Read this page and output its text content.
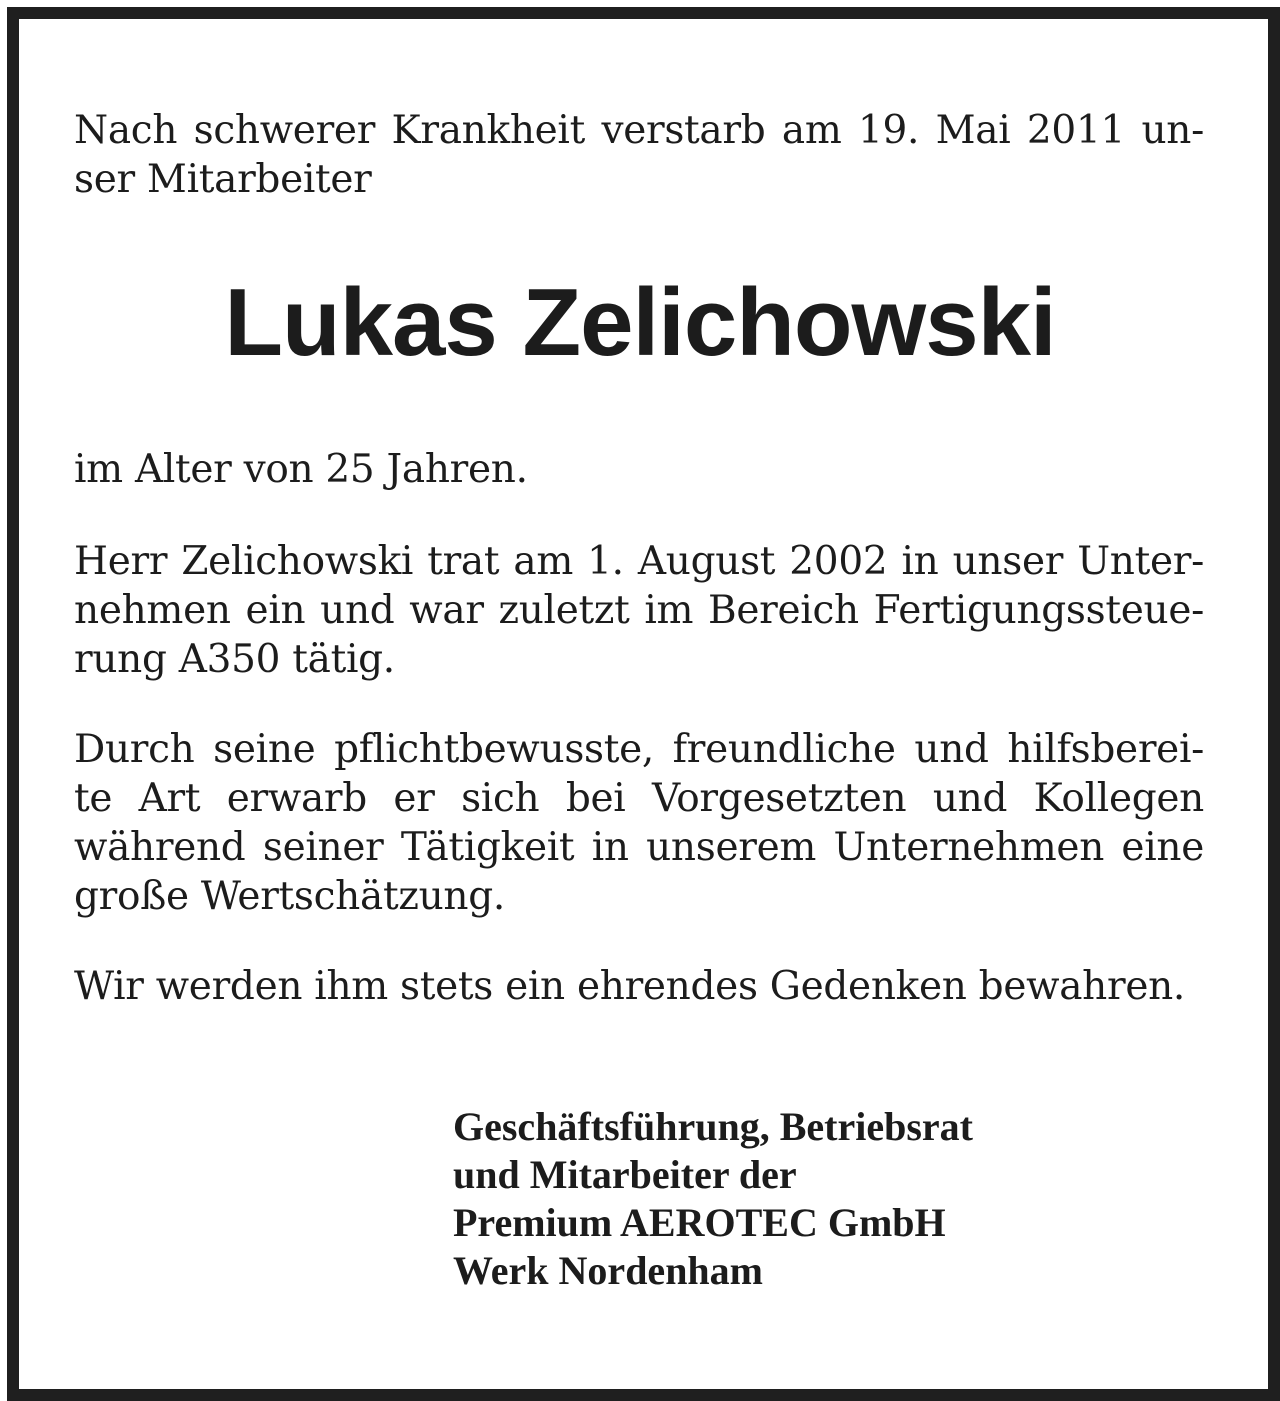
Nach schwerer Krankheit verstarb am 19. Mai 2011 un-
ser Mitarbeiter

Lukas Zelichowski

im Alter von 25 Jahren.

Herr Zelichowski trat am 1. August 2002 in unser Unter-
nehmen ein und war zuletzt im Bereich Fertigungssteue-
rung A350 tätig.

Durch seine pflichtbewusste, freundliche und hilfsberei-
te Art erwarb er sich bei Vorgesetzten und Kollegen
während seiner Tätigkeit in unserem Unternehmen eine
große Wertschätzung.

Wir werden ihm stets ein ehrendes Gedenken bewahren.

Geschäftsführung, Betriebsrat
und Mitarbeiter der
Premium AEROTEC GmbH
Werk Nordenham
